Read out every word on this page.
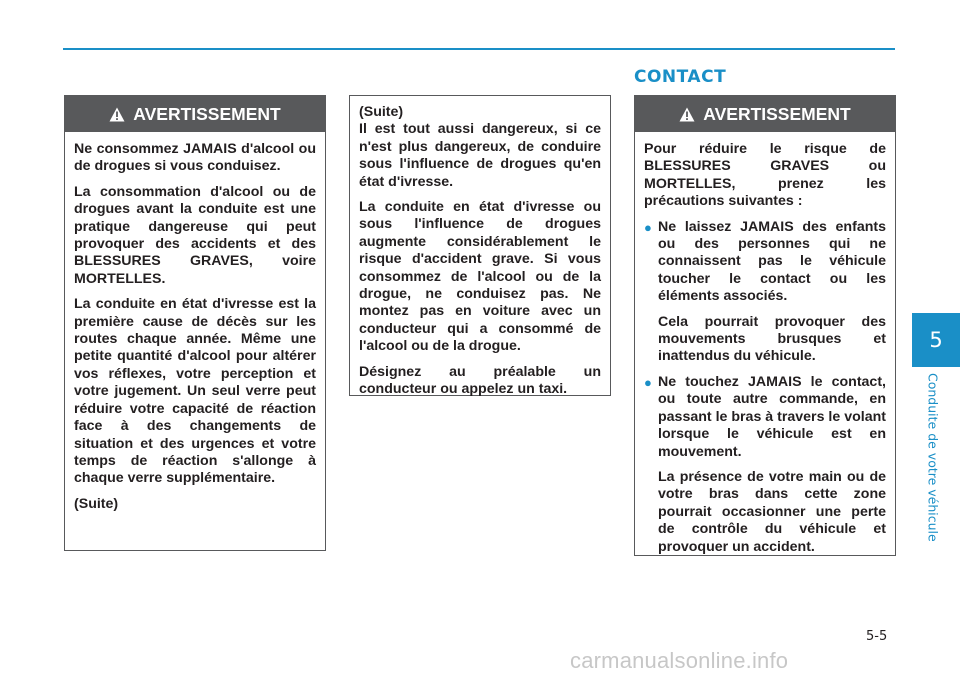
CONTACT
5
Conduite de votre véhicule
AVERTISSEMENT

Ne consommez JAMAIS d'alcool ou de drogues si vous conduisez.

La consommation d'alcool ou de drogues avant la conduite est une pratique dangereuse qui peut provoquer des accidents et des BLESSURES GRAVES, voire MORTELLES.

La conduite en état d'ivresse est la première cause de décès sur les routes chaque année. Même une petite quantité d'alcool pour altérer vos réflexes, votre perception et votre jugement. Un seul verre peut réduire votre capacité de réaction face à des changements de situation et des urgences et votre temps de réaction s'allonge à chaque verre supplémentaire.

(Suite)

(Suite)
Il est tout aussi dangereux, si ce n'est plus dangereux, de conduire sous l'influence de drogues qu'en état d'ivresse.

La conduite en état d'ivresse ou sous l'influence de drogues augmente considérablement le risque d'accident grave. Si vous consommez de l'alcool ou de la drogue, ne conduisez pas. Ne montez pas en voiture avec un conducteur qui a consommé de l'alcool ou de la drogue.

Désignez au préalable un conducteur ou appelez un taxi.

AVERTISSEMENT

Pour réduire le risque de BLESSURES GRAVES ou MORTELLES, prenez les précautions suivantes :

● Ne laissez JAMAIS des enfants ou des personnes qui ne connaissent pas le véhicule toucher le contact ou les éléments associés.

Cela pourrait provoquer des mouvements brusques et inattendus du véhicule.

● Ne touchez JAMAIS le contact, ou toute autre commande, en passant le bras à travers le volant lorsque le véhicule est en mouvement.

La présence de votre main ou de votre bras dans cette zone pourrait occasionner une perte de contrôle du véhicule et provoquer un accident.

5-5
carmanualsonline.info
